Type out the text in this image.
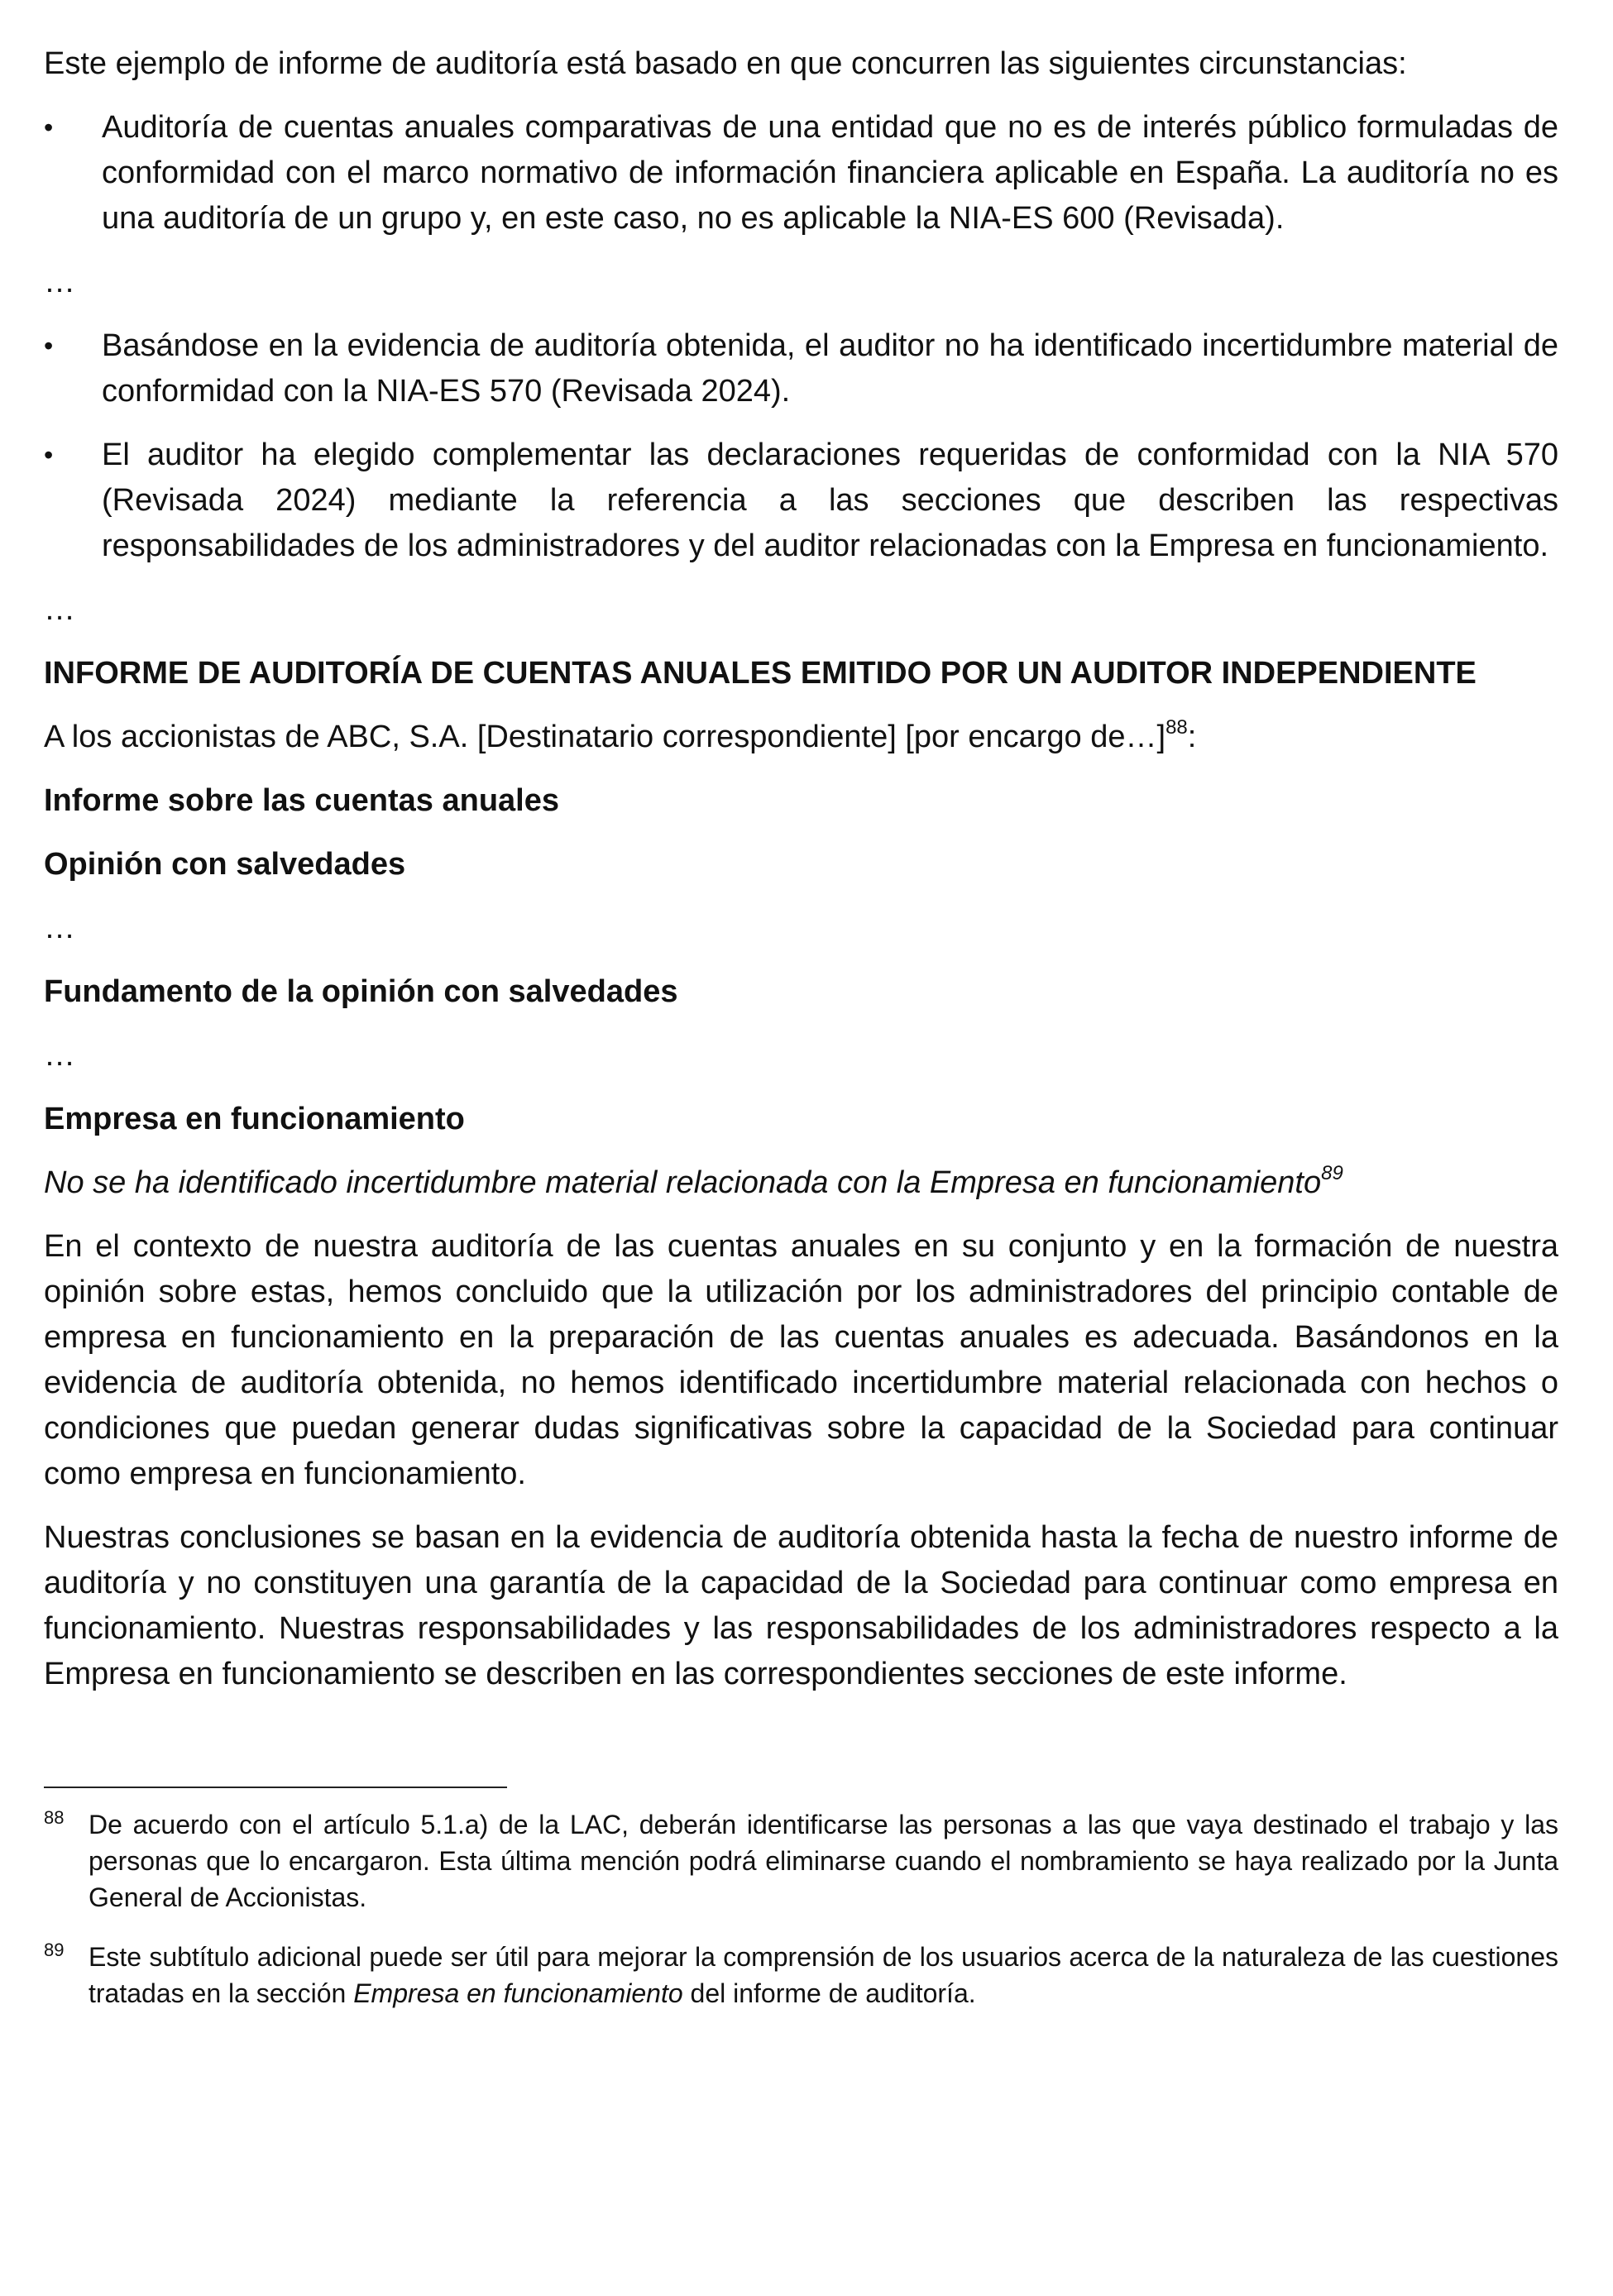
Este ejemplo de informe de auditoría está basado en que concurren las siguientes circunstancias:

• Auditoría de cuentas anuales comparativas de una entidad que no es de interés público formuladas de conformidad con el marco normativo de información financiera aplicable en España. La auditoría no es una auditoría de un grupo y, en este caso, no es aplicable la NIA-ES 600 (Revisada).

…

• Basándose en la evidencia de auditoría obtenida, el auditor no ha identificado incertidumbre material de conformidad con la NIA-ES 570 (Revisada 2024).
• El auditor ha elegido complementar las declaraciones requeridas de conformidad con la NIA 570 (Revisada 2024) mediante la referencia a las secciones que describen las respectivas responsabilidades de los administradores y del auditor relacionadas con la Empresa en funcionamiento.

…

INFORME DE AUDITORÍA DE CUENTAS ANUALES EMITIDO POR UN AUDITOR INDEPENDIENTE

A los accionistas de ABC, S.A. [Destinatario correspondiente] [por encargo de…]$^{88}$:

Informe sobre las cuentas anuales

Opinión con salvedades

…

Fundamento de la opinión con salvedades

…

Empresa en funcionamiento

No se ha identificado incertidumbre material relacionada con la Empresa en funcionamiento$^{89}$

En el contexto de nuestra auditoría de las cuentas anuales en su conjunto y en la formación de nuestra opinión sobre estas, hemos concluido que la utilización por los administradores del principio contable de empresa en funcionamiento en la preparación de las cuentas anuales es adecuada. Basándonos en la evidencia de auditoría obtenida, no hemos identificado incertidumbre material relacionada con hechos o condiciones que puedan generar dudas significativas sobre la capacidad de la Sociedad para continuar como empresa en funcionamiento.

Nuestras conclusiones se basan en la evidencia de auditoría obtenida hasta la fecha de nuestro informe de auditoría y no constituyen una garantía de la capacidad de la Sociedad para continuar como empresa en funcionamiento. Nuestras responsabilidades y las responsabilidades de los administradores respecto a la Empresa en funcionamiento se describen en las correspondientes secciones de este informe.

88 De acuerdo con el artículo 5.1.a) de la LAC, deberán identificarse las personas a las que vaya destinado el trabajo y las personas que lo encargaron. Esta última mención podrá eliminarse cuando el nombramiento se haya realizado por la Junta General de Accionistas.
89 Este subtítulo adicional puede ser útil para mejorar la comprensión de los usuarios acerca de la naturaleza de las cuestiones tratadas en la sección Empresa en funcionamiento del informe de auditoría.
